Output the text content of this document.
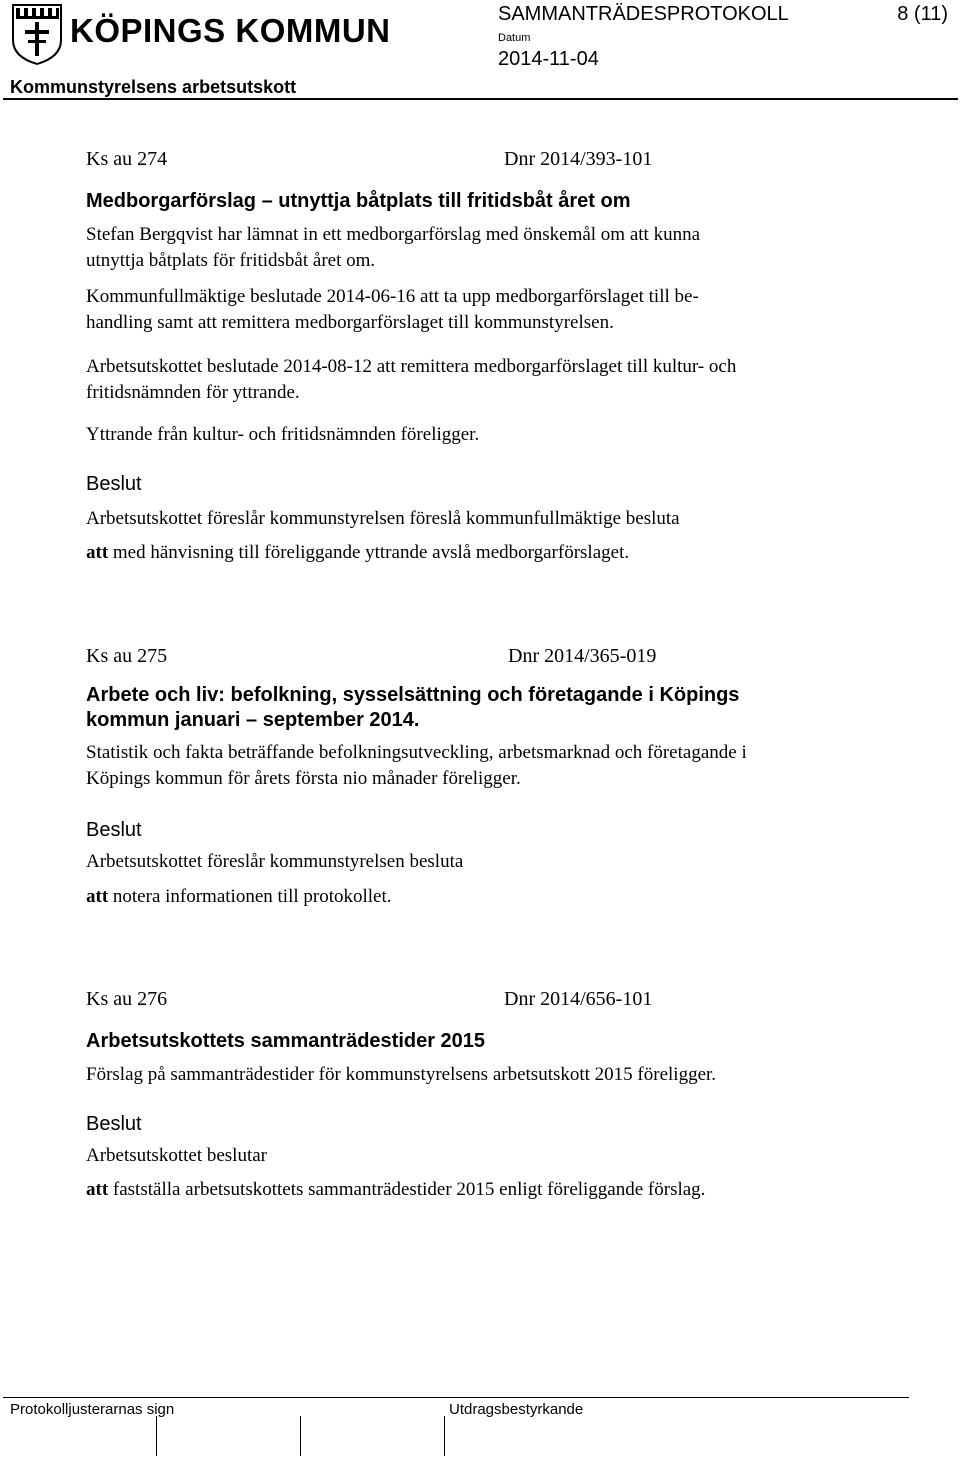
KÖPINGS KOMMUN	SAMMANTRÄDESPROTOKOLL	8 (11)
Datum
2014-11-04
Kommunstyrelsens arbetsutskott
Ks au 274	Dnr 2014/393-101
Medborgarförslag – utnyttja båtplats till fritidsbåt året om
Stefan Bergqvist har lämnat in ett medborgarförslag med önskemål om att kunna
utnyttja båtplats för fritidsbåt året om.
Kommunfullmäktige beslutade 2014-06-16 att ta upp medborgarförslaget till be-
handling samt att remittera medborgarförslaget till kommunstyrelsen.
Arbetsutskottet beslutade 2014-08-12 att remittera medborgarförslaget till kultur- och
fritidsnämnden för yttrande.
Yttrande från kultur- och fritidsnämnden föreligger.
Beslut
Arbetsutskottet föreslår kommunstyrelsen föreslå kommunfullmäktige besluta
att med hänvisning till föreliggande yttrande avslå medborgarförslaget.
Ks au 275	Dnr 2014/365-019
Arbete och liv: befolkning, sysselsättning och företagande i Köpings
kommun januari – september 2014.
Statistik och fakta beträffande befolkningsutveckling, arbetsmarknad och företagande i
Köpings kommun för årets första nio månader föreligger.
Beslut
Arbetsutskottet föreslår kommunstyrelsen besluta
att notera informationen till protokollet.
Ks au 276	Dnr 2014/656-101
Arbetsutskottets sammanträdestider 2015
Förslag på sammanträdestider för kommunstyrelsens arbetsutskott 2015 föreligger.
Beslut
Arbetsutskottet beslutar
att fastställa arbetsutskottets sammanträdestider 2015 enligt föreliggande förslag.
Protokolljusterarnas sign	Utdragsbestyrkande
